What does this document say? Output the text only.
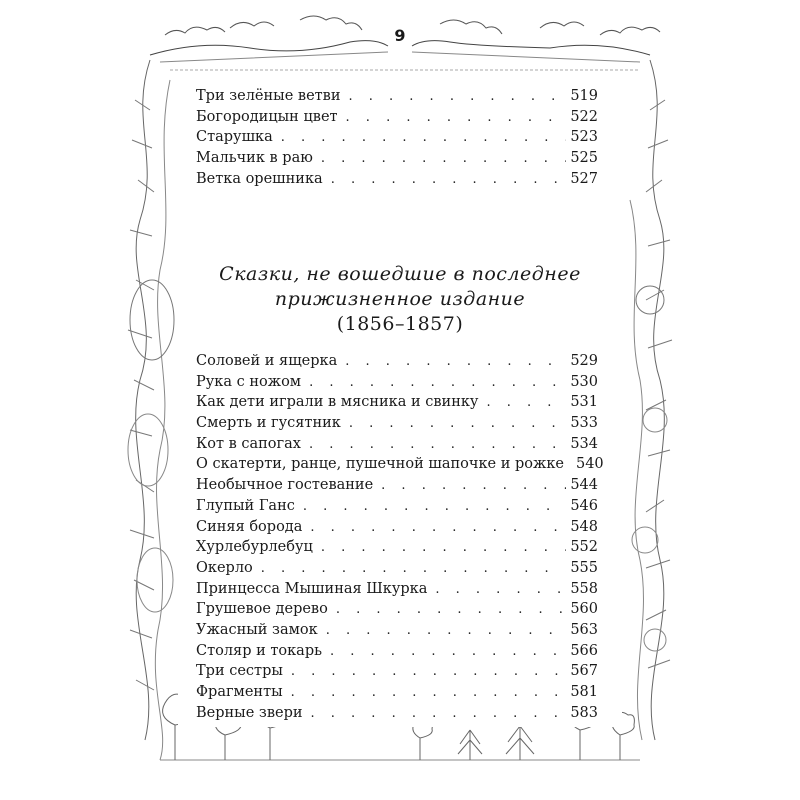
9
Три зелёные ветви . . .	519
Богородицын цвет . . .	522
Старушка . . .	523
Мальчик в раю . . .	525
Ветка орешника . . .	527
Сказки, не вошедшие в последнее
прижизненное издание
(1856–1857)
Соловей и ящерка . . .	529
Рука с ножом . . .	530
Как дети играли в мясника и свинку . . .	531
Смерть и гусятник . . .	533
Кот в сапогах . . .	534
О скатерти, ранце, пушечной шапочке и рожке 540
Необычное гостевание . . .	544
Глупый Ганс . . .	546
Синяя борода . . .	548
Хурлебурлебуц . . .	552
Окерло . . .	555
Принцесса Мышиная Шкурка . . .	558
Грушевое дерево . . .	560
Ужасный замок . . .	563
Столяр и токарь . . .	566
Три сестры . . .	567
Фрагменты . . .	581
Верные звери . . .	583
